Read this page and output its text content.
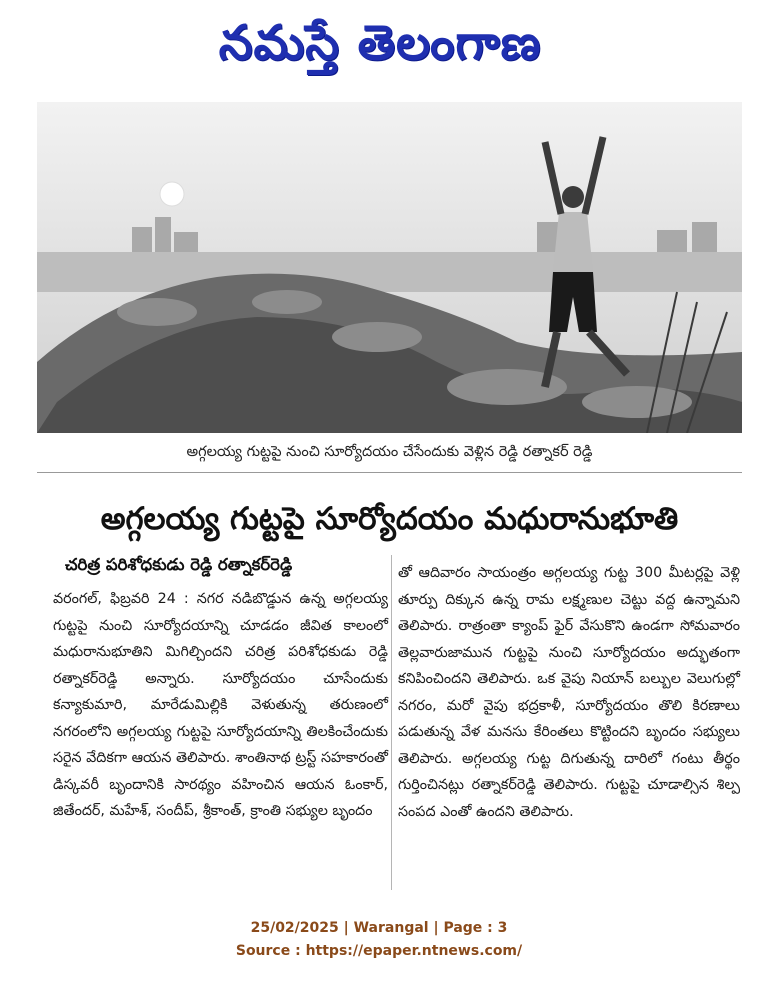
నమస్తే తెలంగాణ
అగ్గలయ్య గుట్టపై నుంచి సూర్యోదయం చేసేందుకు వెళ్లిన రెడ్డి రత్నాకర్ రెడ్డి
అగ్గలయ్య గుట్టపై సూర్యోదయం మధురానుభూతి
చరిత్ర పరిశోధకుడు రెడ్డి రత్నాకర్‌రెడ్డి

వరంగల్, ఫిబ్రవరి 24 : నగర నడిబొడ్డున ఉన్న అగ్గలయ్య గుట్టపై నుంచి సూర్యోదయాన్ని చూడడం జీవిత కాలంలో మధురానుభూతిని మిగిల్చిందని చరిత్ర పరిశోధకుడు రెడ్డి రత్నాకర్‌రెడ్డి అన్నారు. సూర్యోదయం చూసేందుకు కన్యాకుమారి, మారేడుమిల్లికి వెళుతున్న తరుణంలో నగరంలోని అగ్గలయ్య గుట్టపై సూర్యోదయాన్ని తిలకించేందుకు సరైన వేదికగా ఆయన తెలిపారు. శాంతినాథ ట్రస్ట్ సహకారంతో డిస్కవరీ బృందానికి సారథ్యం వహించిన ఆయన ఓంకార్, జితేందర్, మహేశ్, సందీప్, శ్రీకాంత్, క్రాంతి సభ్యుల బృందం

తో ఆదివారం సాయంత్రం అగ్గలయ్య గుట్ట 300 మీటర్లపై వెళ్లి తూర్పు దిక్కున ఉన్న రామ లక్ష్మణుల చెట్టు వద్ద ఉన్నామని తెలిపారు. రాత్రంతా క్యాంప్ ఫైర్ వేసుకొని ఉండగా సోమవారం తెల్లవారుజామున గుట్టపై నుంచి సూర్యోదయం అద్భుతంగా కనిపించిందని తెలిపారు. ఒక వైపు నియాన్ బల్బుల వెలుగుల్లో నగరం, మరో వైపు భద్రకాళీ, సూర్యోదయం తొలి కిరణాలు పడుతున్న వేళ మనసు కేరింతలు కొట్టిందని బృందం సభ్యులు తెలిపారు. అగ్గలయ్య గుట్ట దిగుతున్న దారిలో గంటు తీర్థం గుర్తించినట్లు రత్నాకర్‌రెడ్డి తెలిపారు. గుట్టపై చూడాల్సిన శిల్ప సంపద ఎంతో ఉందని తెలిపారు.

25/02/2025 | Warangal | Page : 3
Source : https://epaper.ntnews.com/
